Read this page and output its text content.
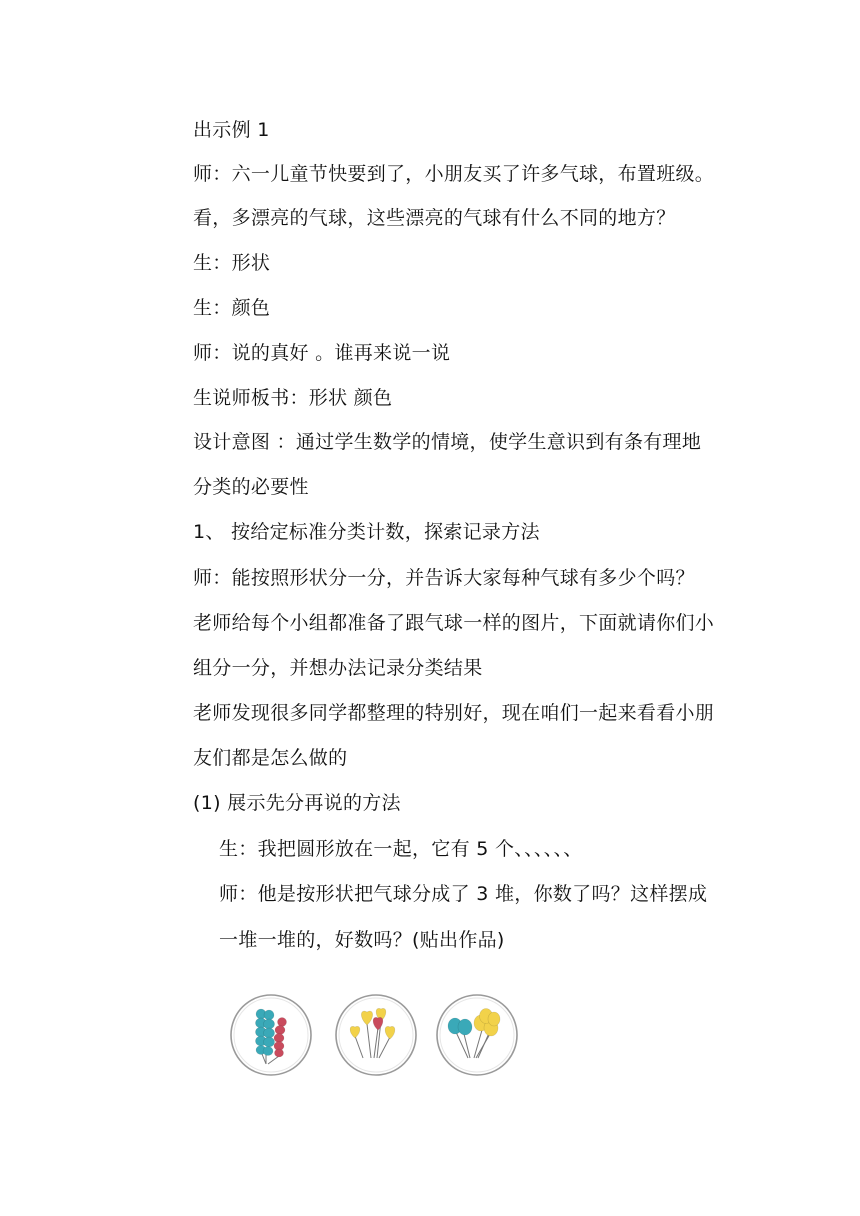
出示例 1
师：六一儿童节快要到了，小朋友买了许多气球，布置班级。
看，多漂亮的气球，这些漂亮的气球有什么不同的地方？
生：形状
生：颜色
师：说的真好 。谁再来说一说
生说师板书：形状 颜色
设计意图 ：通过学生数学的情境，使学生意识到有条有理地
分类的必要性
1、 按给定标准分类计数，探索记录方法
师：能按照形状分一分，并告诉大家每种气球有多少个吗？
老师给每个小组都准备了跟气球一样的图片，下面就请你们小
组分一分，并想办法记录分类结果
老师发现很多同学都整理的特别好，现在咱们一起来看看小朋
友们都是怎么做的
(1) 展示先分再说的方法
生：我把圆形放在一起，它有 5 个、、、、、、
师：他是按形状把气球分成了 3 堆，你数了吗？这样摆成
一堆一堆的，好数吗？(贴出作品)
